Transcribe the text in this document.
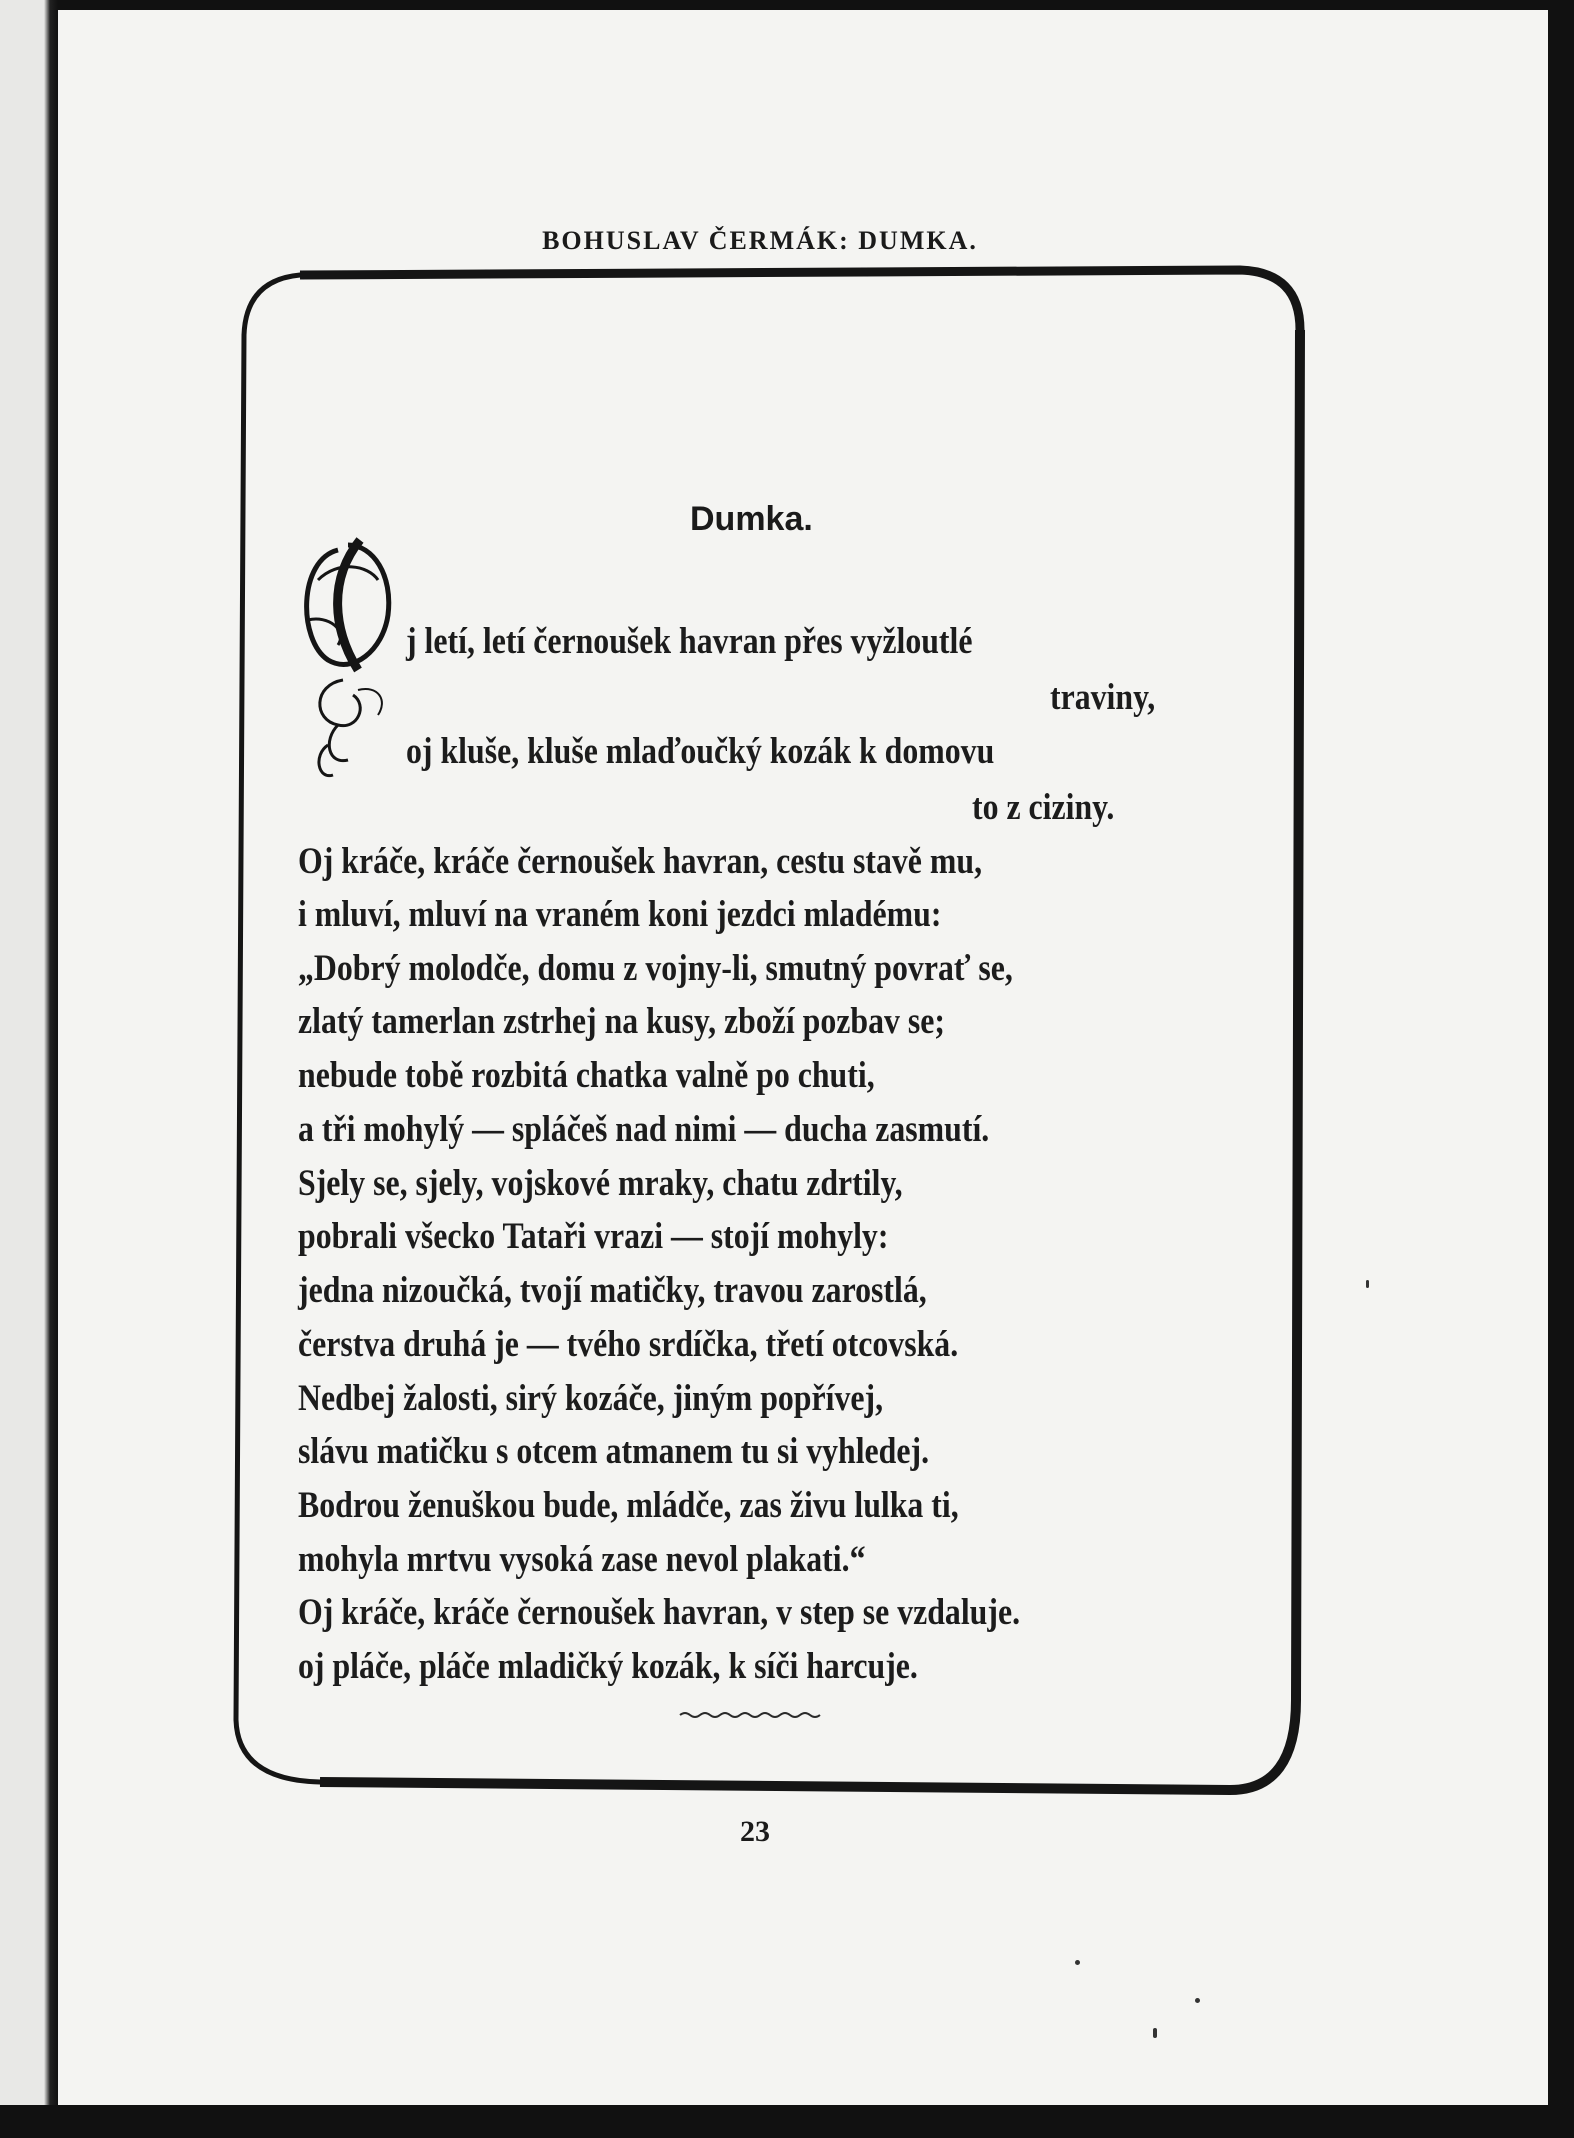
BOHUSLAV ČERMÁK: DUMKA.
Dumka.
j letí, letí černoušek havran přes vyžloutlé
traviny,
oj kluše, kluše mlaďoučký kozák k domovu
to z ciziny.
Oj kráče, kráče černoušek havran, cestu stavě mu,
i mluví, mluví na vraném koni jezdci mladému:
„Dobrý molodče, domu z vojny-li, smutný povrať se,
zlatý tamerlan zstrhej na kusy, zboží pozbav se;
nebude tobě rozbitá chatka valně po chuti,
a tři mohylý — spláčeš nad nimi — ducha zasmutí.
Sjely se, sjely, vojskové mraky, chatu zdrtily,
pobrali všecko Tataři vrazi — stojí mohyly:
jedna nizoučká, tvojí matičky, travou zarostlá,
čerstva druhá je — tvého srdíčka, třetí otcovská.
Nedbej žalosti, sirý kozáče, jiným popřívej,
slávu matičku s otcem atmanem tu si vyhledej.
Bodrou ženuškou bude, mládče, zas živu lulka ti,
mohyla mrtvu vysoká zase nevol plakati.“
Oj kráče, kráče černoušek havran, v step se vzdaluje.
oj pláče, pláče mladičký kozák, k síči harcuje.
23
